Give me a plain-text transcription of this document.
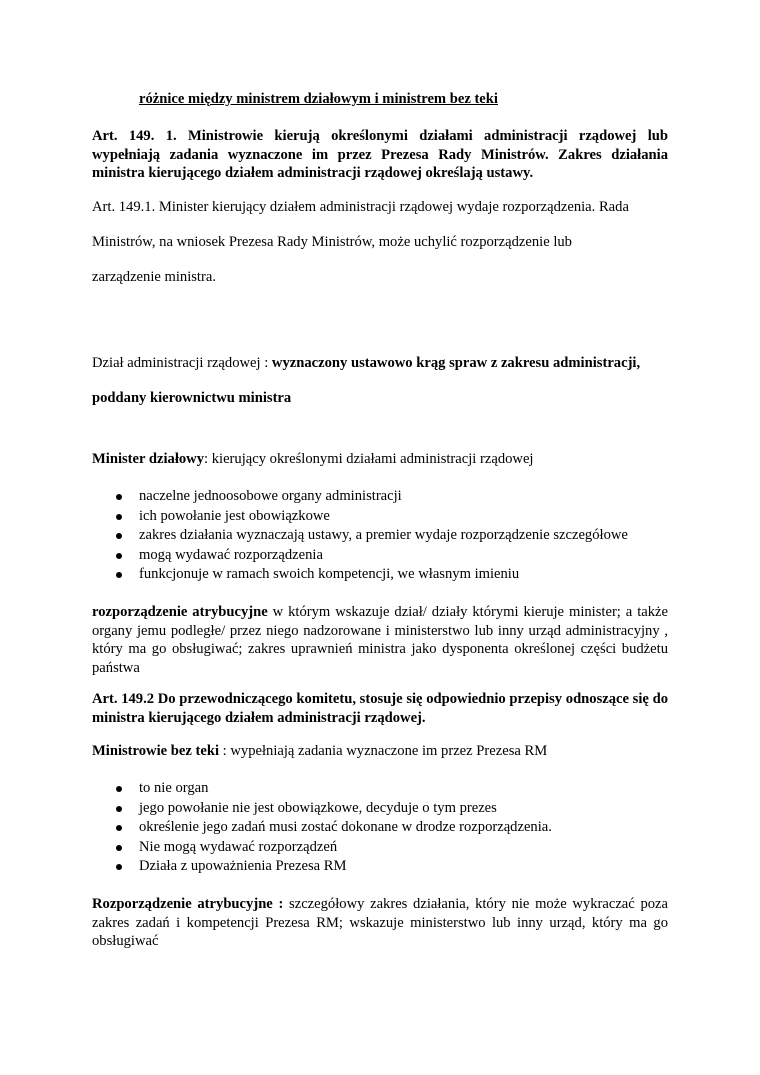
różnice między ministrem działowym i ministrem bez teki
Art. 149. 1. Ministrowie kierują określonymi działami administracji rządowej lub wypełniają zadania wyznaczone im przez Prezesa Rady Ministrów. Zakres działania ministra kierującego działem administracji rządowej określają ustawy.
Art. 149.1. Minister kierujący działem administracji rządowej wydaje rozporządzenia. Rada
Ministrów, na wniosek Prezesa Rady Ministrów, może uchylić rozporządzenie lub
zarządzenie ministra.
Dział administracji rządowej : wyznaczony ustawowo krąg spraw z zakresu administracji,
poddany kierownictwu ministra
Minister działowy: kierujący określonymi działami administracji rządowej
naczelne jednoosobowe organy administracji
ich powołanie jest obowiązkowe
zakres działania wyznaczają ustawy, a premier wydaje rozporządzenie szczegółowe
mogą wydawać rozporządzenia
funkcjonuje w ramach swoich kompetencji, we własnym imieniu
rozporządzenie atrybucyjne w którym wskazuje dział/ działy którymi kieruje minister; a także organy jemu podległe/ przez niego nadzorowane i ministerstwo lub inny urząd administracyjny , który ma go obsługiwać; zakres uprawnień ministra jako dysponenta określonej części budżetu państwa
Art. 149.2 Do przewodniczącego komitetu, stosuje się odpowiednio przepisy odnoszące się do ministra kierującego działem administracji rządowej.
Ministrowie bez teki : wypełniają zadania wyznaczone im przez Prezesa RM
to nie organ
jego powołanie nie jest obowiązkowe, decyduje o tym prezes
określenie jego zadań musi zostać dokonane w drodze rozporządzenia.
Nie mogą wydawać rozporządzeń
Działa z upoważnienia Prezesa RM
Rozporządzenie atrybucyjne : szczegółowy zakres działania, który nie może wykraczać poza zakres zadań i kompetencji Prezesa RM; wskazuje ministerstwo lub inny urząd, który ma go obsługiwać
